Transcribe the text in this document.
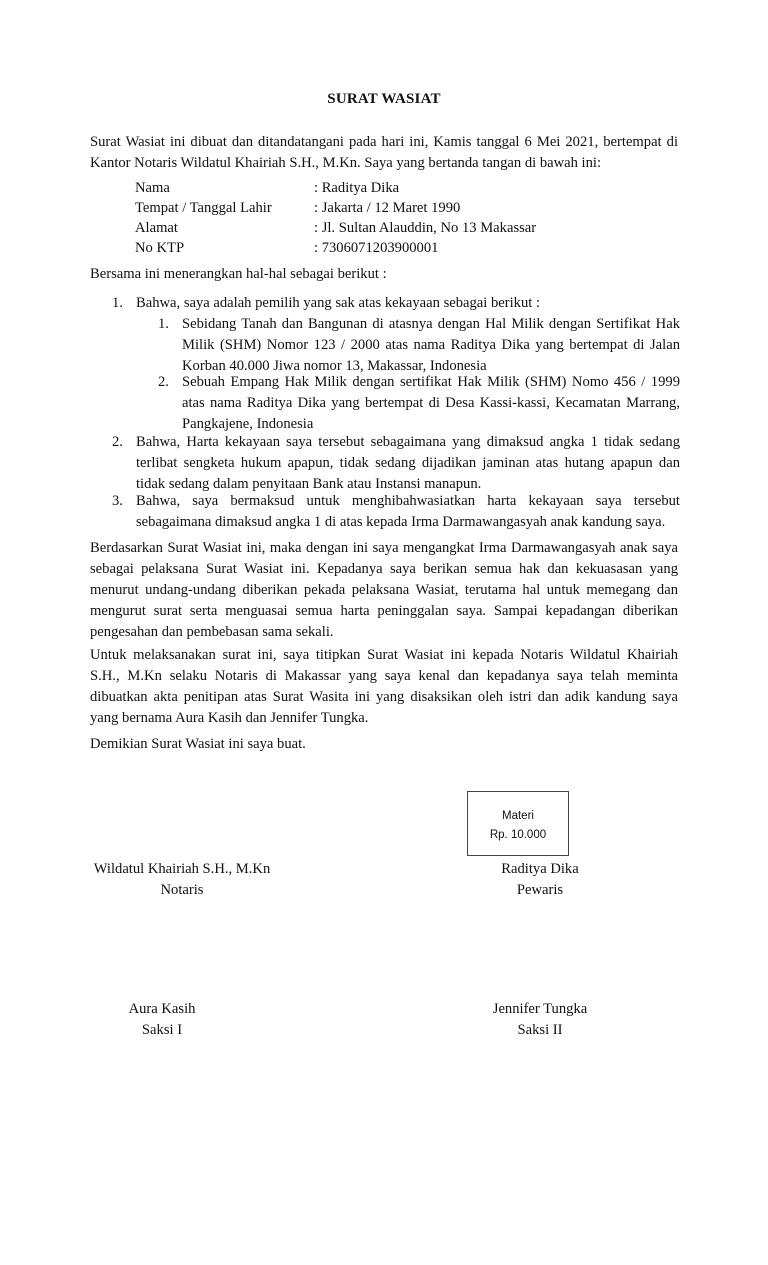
SURAT WASIAT

Surat Wasiat ini dibuat dan ditandatangani pada hari ini, Kamis tanggal 6 Mei 2021, bertempat di
Kantor Notaris Wildatul Khairiah S.H., M.Kn. Saya yang bertanda tangan di bawah ini:

Nama	: Raditya Dika
Tempat / Tanggal Lahir	: Jakarta / 12 Maret 1990
Alamat	: Jl. Sultan Alauddin, No 13 Makassar
No KTP	: 7306071203900001

Bersama ini menerangkan hal-hal sebagai berikut :

1. Bahwa, saya adalah pemilih yang sak atas kekayaan sebagai berikut :
1. Sebidang Tanah dan Bangunan di atasnya dengan Hal Milik dengan Sertifikat Hak
Milik (SHM) Nomor 123 / 2000 atas nama Raditya Dika yang bertempat di Jalan
Korban 40.000 Jiwa nomor 13, Makassar, Indonesia
2. Sebuah Empang Hak Milik dengan sertifikat Hak Milik (SHM) Nomo 456 / 1999
atas nama Raditya Dika yang bertempat di Desa Kassi-kassi, Kecamatan Marrang,
Pangkajene, Indonesia
2. Bahwa, Harta kekayaan saya tersebut sebagaimana yang dimaksud angka 1 tidak sedang
terlibat sengketa hukum apapun, tidak sedang dijadikan jaminan atas hutang apapun dan
tidak sedang dalam penyitaan Bank atau Instansi manapun.
3. Bahwa, saya bermaksud untuk menghibahwasiatkan harta kekayaan saya tersebut
sebagaimana dimaksud angka 1 di atas kepada Irma Darmawangasyah anak kandung saya.

Berdasarkan Surat Wasiat ini, maka dengan ini saya mengangkat Irma Darmawangasyah anak saya
sebagai pelaksana Surat Wasiat ini. Kepadanya saya berikan semua hak dan kekuasasan yang
menurut undang-undang diberikan pekada pelaksana Wasiat, terutama hal untuk memegang dan
mengurut surat serta menguasai semua harta peninggalan saya. Sampai kepadangan diberikan
pengesahan dan pembebasan sama sekali.

Untuk melaksanakan surat ini, saya titipkan Surat Wasiat ini kepada Notaris Wildatul Khairiah
S.H., M.Kn selaku Notaris di Makassar yang saya kenal dan kepadanya saya telah meminta
dibuatkan akta penitipan atas Surat Wasita ini yang disaksikan oleh istri dan adik kandung saya
yang bernama Aura Kasih dan Jennifer Tungka.

Demikian Surat Wasiat ini saya buat.

Materi
Rp. 10.000
Wildatul Khairiah S.H., M.Kn
Notaris
Raditya Dika
Pewaris
Aura Kasih
Saksi I
Jennifer Tungka
Saksi II
